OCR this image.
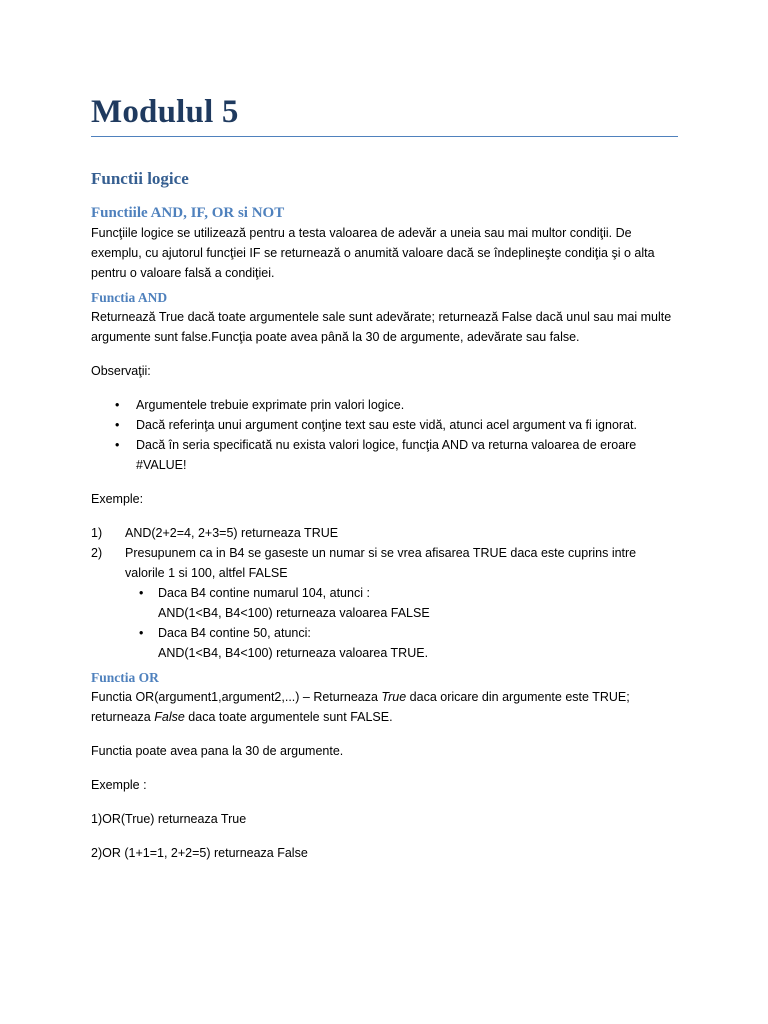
Modulul 5
Functii logice
Functiile AND, IF, OR si NOT

Funcţiile logice se utilizează pentru a testa valoarea de adevăr a uneia sau mai multor condiţii. De exemplu, cu ajutorul funcţiei IF se returnează o anumită valoare dacă se îndeplineşte condiţia şi o alta pentru o valoare falsă a condiţiei.

Functia AND

Returnează True dacă toate argumentele sale sunt adevărate; returnează False dacă unul sau mai multe argumente sunt false.Funcţia poate avea până la 30 de argumente, adevărate sau false.

Observaţii:

• Argumentele trebuie exprimate prin valori logice.
• Dacă referinţa unui argument conţine text sau este vidă, atunci acel argument va fi ignorat.
• Dacă în seria specificată nu exista valori logice, funcţia AND va returna valoarea de eroare #VALUE!

Exemple:

1) AND(2+2=4, 2+3=5) returneaza TRUE
2) Presupunem ca in B4 se gaseste un numar si se vrea afisarea TRUE daca este cuprins intre valorile 1 si 100, altfel FALSE
• Daca B4 contine numarul 104, atunci :
AND(1<B4, B4<100) returneaza valoarea FALSE
• Daca B4 contine 50, atunci:
AND(1<B4, B4<100) returneaza valoarea TRUE.
Functia OR

Functia OR(argument1,argument2,...) – Returneaza True daca oricare din argumente este TRUE; returneaza False daca toate argumentele sunt FALSE.

Functia poate avea pana la 30 de argumente.

Exemple :

1)OR(True) returneaza True

2)OR (1+1=1, 2+2=5) returneaza False
